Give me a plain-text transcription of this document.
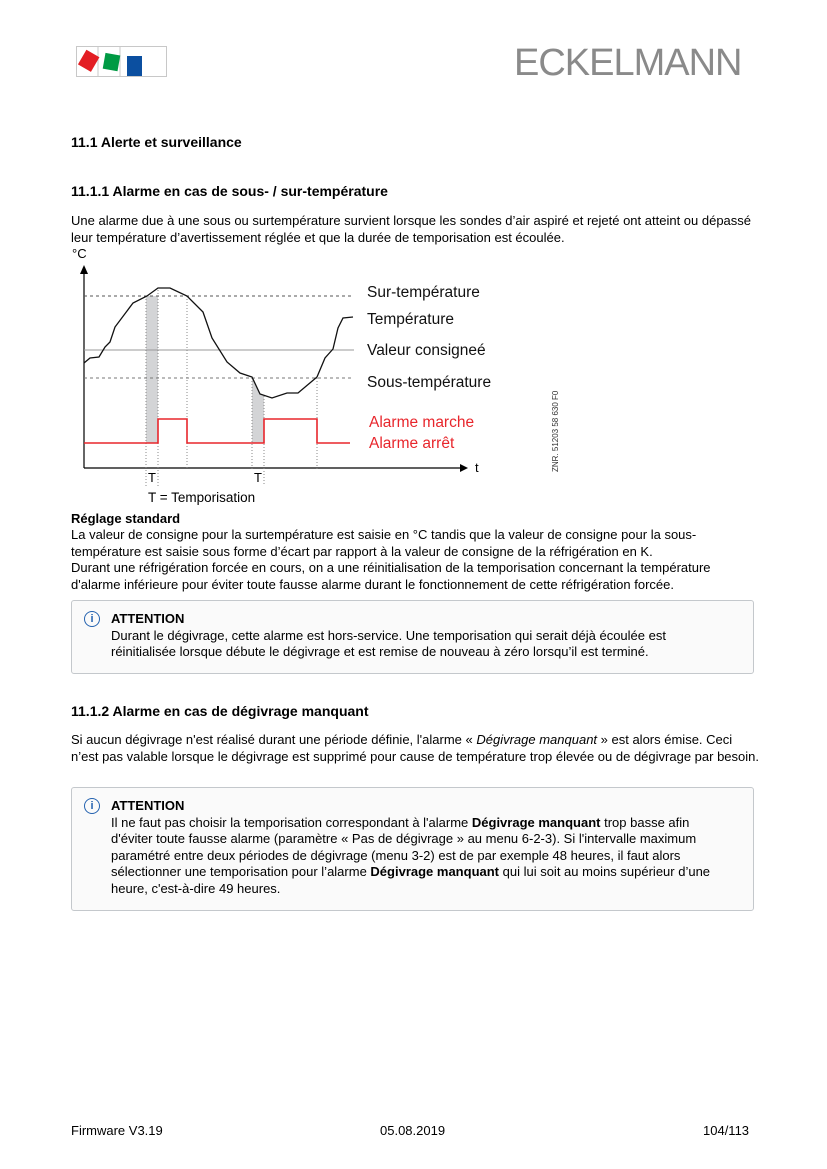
ECKELMANN
11.1 Alerte et surveillance
11.1.1 Alarme en cas de sous- / sur-température

Une alarme due à une sous ou surtempérature survient lorsque les sondes d’air aspiré et rejeté ont atteint ou dépassé leur température d’avertissement réglée et que la durée de temporisation est écoulée.

°C
t
Sur-température
Température
Valeur consigneé
Sous-température
Alarme marche
Alarme arrêt
T	T
T = Temporisation
ZNR. 51203 58 630 F0

Réglage standard

La valeur de consigne pour la surtempérature est saisie en °C tandis que la valeur de consigne pour la sous-température est saisie sous forme d’écart par rapport à la valeur de consigne de la réfrigération en K.

Durant une réfrigération forcée en cours, on a une réinitialisation de la temporisation concernant la température d'alarme inférieure pour éviter toute fausse alarme durant le fonctionnement de cette réfrigération forcée.

i	ATTENTION
Durant le dégivrage, cette alarme est hors-service. Une temporisation qui serait déjà écoulée est réinitialisée lorsque débute le dégivrage et est remise de nouveau à zéro lorsqu’il est terminé.
11.1.2 Alarme en cas de dégivrage manquant

Si aucun dégivrage n'est réalisé durant une période définie, l'alarme « Dégivrage manquant » est alors émise. Ceci n’est pas valable lorsque le dégivrage est supprimé pour cause de température trop élevée ou de dégivrage par besoin.

i	ATTENTION
Il ne faut pas choisir la temporisation correspondant à l'alarme Dégivrage manquant trop basse afin d'éviter toute fausse alarme (paramètre « Pas de dégivrage » au menu 6-2-3). Si l'intervalle maximum paramétré entre deux périodes de dégivrage (menu 3-2) est de par exemple 48 heures, il faut alors sélectionner une temporisation pour l’alarme Dégivrage manquant qui lui soit au moins supérieur d’une heure, c'est-à-dire 49 heures.
Firmware V3.19	05.08.2019	104/113
